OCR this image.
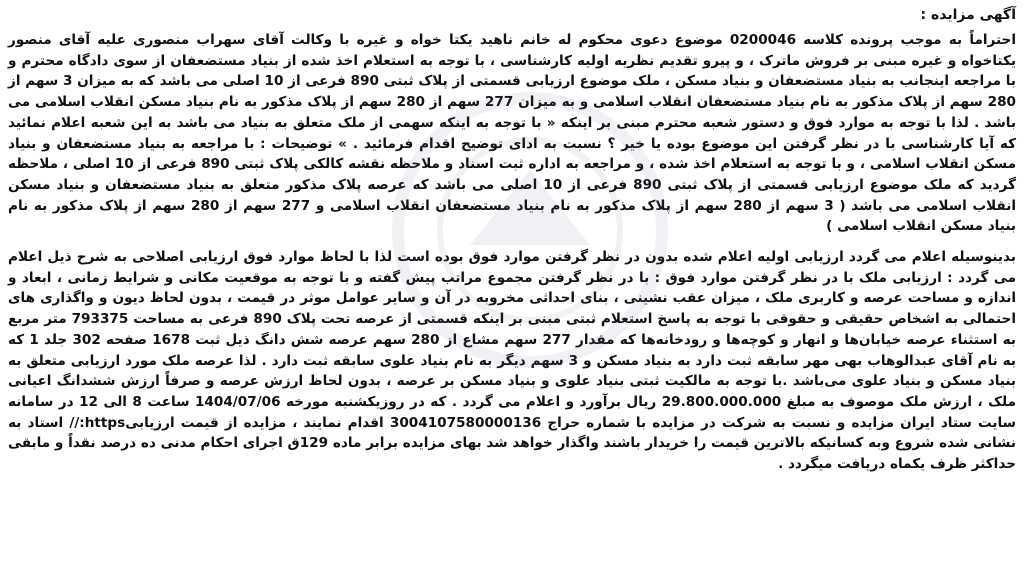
آگهی مزایده :

احتراماً به موجب پرونده کلاسه 0200046 موضوع دعوی محکوم له خانم ناهید یکتا خواه و غیره با وکالت آقای سهراب منصوری علیه آقای منصور یکتاخواه و غیره مبنی بر فروش ماترک ، و پیرو تقدیم نظریه اولیه کارشناسی ، با توجه به استعلام اخذ شده از بنیاد مستضعفان از سوی دادگاه محترم و با مراجعه اینجانب به بنیاد مستضعفان و بنیاد مسکن ، ملک موضوع ارزیابی قسمتی از پلاک ثبتی 890 فرعی از 10 اصلی می باشد که به میزان 3 سهم از 280 سهم از پلاک مذکور به نام بنیاد مستضعفان انقلاب اسلامی و به میزان 277 سهم از 280 سهم از پلاک مذکور به نام بنیاد مسکن انقلاب اسلامی می باشد . لذا با توجه به موارد فوق و دستور شعبه محترم مبنی بر اینکه « با توجه به اینکه سهمی از ملک متعلق به بنیاد می باشد به این شعبه اعلام نمائید که آیا کارشناسی با در نظر گرفتن این موضوع بوده یا خیر ؟ نسبت به ادای توضیح اقدام فرمائید . » توضیحات : با مراجعه به بنیاد مستضعفان و بنیاد مسکن انقلاب اسلامی ، و با توجه به استعلام اخذ شده ، و مراجعه به اداره ثبت اسناد و ملاحظه نقشه کالکی پلاک ثبتی 890 فرعی از 10 اصلی ، ملاحظه گردید که ملک موضوع ارزیابی قسمتی از پلاک ثبتی 890 فرعی از 10 اصلی می باشد که عرصه پلاک مذکور متعلق به بنیاد مستضعفان و بنیاد مسکن انقلاب اسلامی می باشد ( 3 سهم از 280 سهم از پلاک مذکور به نام بنیاد مستضعفان انقلاب اسلامی و 277 سهم از 280 سهم از پلاک مذکور به نام بنیاد مسکن انقلاب اسلامی )

بدینوسیله اعلام می گردد ارزیابی اولیه اعلام شده بدون در نظر گرفتن موارد فوق بوده است لذا با لحاظ موارد فوق ارزیابی اصلاحی به شرح ذیل اعلام می گردد : ارزیابی ملک با در نظر گرفتن موارد فوق : با در نظر گرفتن مجموع مراتب پیش گفته و با توجه به موقعیت مکانی و شرایط زمانی ، ابعاد و اندازه و مساحت عرصه و کاربری ملک ، میزان عقب نشینی ، بنای احداثی مخروبه در آن و سایر عوامل موثر در قیمت ، بدون لحاظ دیون و واگذاری های احتمالی به اشخاص حقیقی و حقوقی با توجه به پاسخ استعلام ثبتی مبنی بر اینکه قسمتی از عرصه تحت پلاک 890 فرعی به مساحت 793375 متر مربع به استثناء عرصه خیابان‌ها و انهار و کوچه‌ها و رودخانه‌ها که مقدار 277 سهم مشاع از 280 سهم عرصه شش دانگ ذیل ثبت 1678 صفحه 302 جلد 1 که به نام آقای عبدالوهاب بهی مهر سابقه ثبت دارد به بنیاد مسکن و 3 سهم دیگر به نام بنیاد علوی سابقه ثبت دارد . لذا عرصه ملک مورد ارزیابی متعلق به بنیاد مسکن و بنیاد علوی می‌باشد .با توجه به مالکیت ثبتی بنیاد علوی و بنیاد مسکن بر عرصه ، بدون لحاظ ارزش عرصه و صرفاً ارزش ششدانگ اعیانی ملک ، ارزش ملک موصوف به مبلغ 29.800.000.000 ریال برآورد و اعلام می گردد . که در روزیکشنبه مورخه 1404/07/06 ساعت 8 الی 12 در سامانه سایت ستاد ایران مزایده و نسبت به شرکت در مزایده با شماره حراج 3004107580000136 اقدام نمایند ، مزایده از قیمت ارزیابیhttps:// استاد به نشانی شده شروع وبه کسانیکه بالاترین قیمت را خریدار باشند واگذار خواهد شد بهای مزایده برابر ماده 129ق اجرای احکام مدنی ده درصد نقداً و مابقی حداکثر ظرف یکماه دریافت میگردد .
